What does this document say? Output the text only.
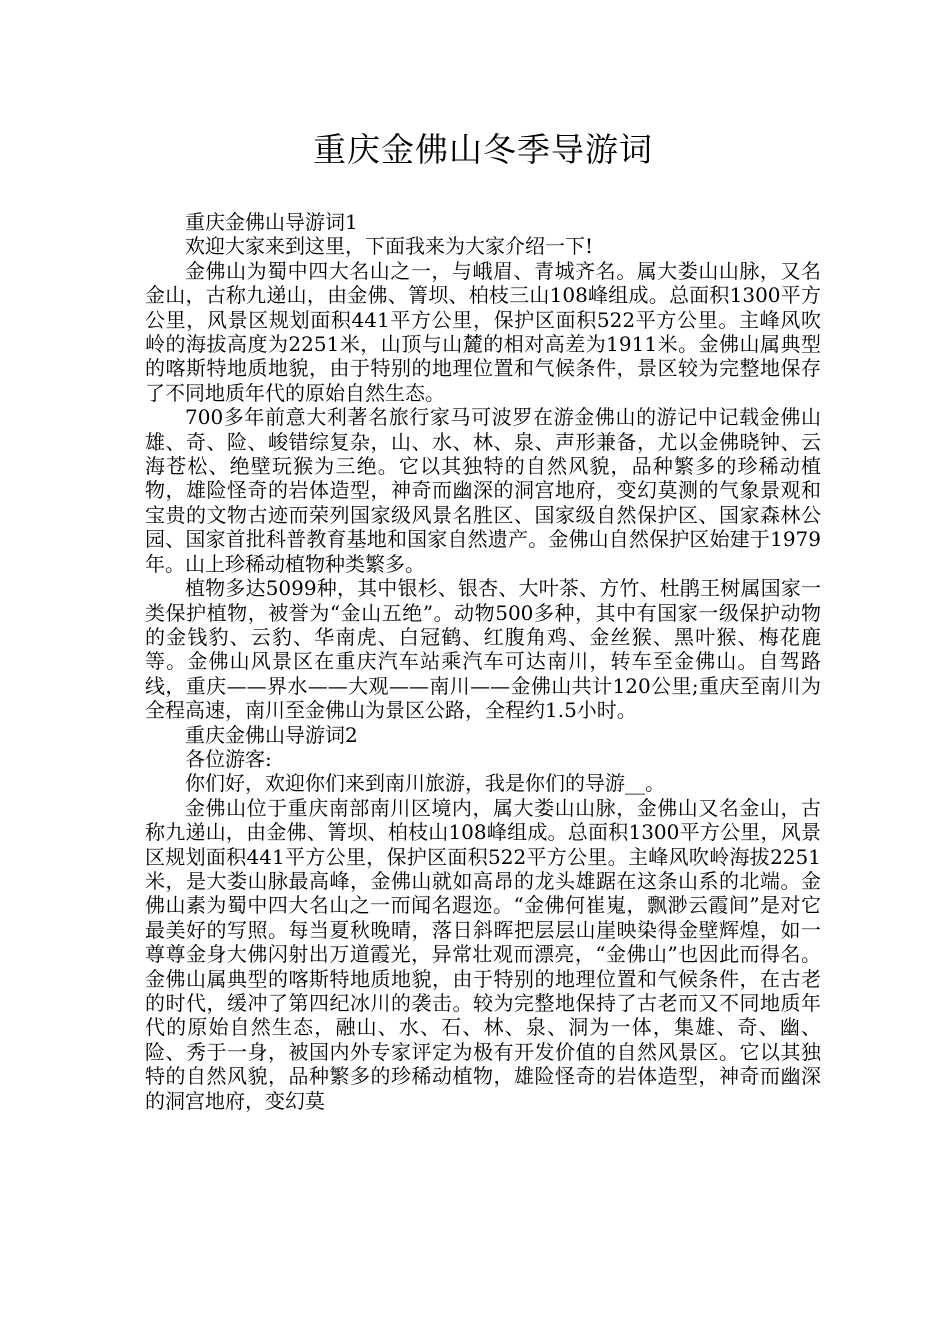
重庆金佛山冬季导游词

重庆金佛山导游词1

欢迎大家来到这里，下面我来为大家介绍一下!

金佛山为蜀中四大名山之一，与峨眉、青城齐名。属大娄山山脉，又名金山，古称九递山，由金佛、箐坝、柏枝三山108峰组成。总面积1300平方公里，风景区规划面积441平方公里，保护区面积522平方公里。主峰风吹岭的海拔高度为2251米，山顶与山麓的相对高差为1911米。金佛山属典型的喀斯特地质地貌，由于特别的地理位置和气候条件，景区较为完整地保存了不同地质年代的原始自然生态。

700多年前意大利著名旅行家马可波罗在游金佛山的游记中记载金佛山雄、奇、险、峻错综复杂，山、水、林、泉、声形兼备，尤以金佛晓钟、云海苍松、绝壁玩猴为三绝。它以其独特的自然风貌，品种繁多的珍稀动植物，雄险怪奇的岩体造型，神奇而幽深的洞宫地府，变幻莫测的气象景观和宝贵的文物古迹而荣列国家级风景名胜区、国家级自然保护区、国家森林公园、国家首批科普教育基地和国家自然遗产。金佛山自然保护区始建于1979年。山上珍稀动植物种类繁多。

植物多达5099种，其中银杉、银杏、大叶茶、方竹、杜鹃王树属国家一类保护植物，被誉为“金山五绝”。动物500多种，其中有国家一级保护动物的金钱豹、云豹、华南虎、白冠鹤、红腹角鸡、金丝猴、黑叶猴、梅花鹿等。金佛山风景区在重庆汽车站乘汽车可达南川，转车至金佛山。自驾路线，重庆——界水——大观——南川——金佛山共计120公里;重庆至南川为全程高速，南川至金佛山为景区公路，全程约1.5小时。

重庆金佛山导游词2

各位游客:

你们好，欢迎你们来到南川旅游，我是你们的导游__。

金佛山位于重庆南部南川区境内，属大娄山山脉，金佛山又名金山，古称九递山，由金佛、箐坝、柏枝山108峰组成。总面积1300平方公里，风景区规划面积441平方公里，保护区面积522平方公里。主峰风吹岭海拔2251米，是大娄山脉最高峰，金佛山就如高昂的龙头雄踞在这条山系的北端。金佛山素为蜀中四大名山之一而闻名遐迩。“金佛何崔嵬，飘渺云霞间”是对它最美好的写照。每当夏秋晚晴，落日斜晖把层层山崖映染得金壁辉煌，如一尊尊金身大佛闪射出万道霞光，异常壮观而漂亮，“金佛山”也因此而得名。金佛山属典型的喀斯特地质地貌，由于特别的地理位置和气候条件，在古老的时代，缓冲了第四纪冰川的袭击。较为完整地保持了古老而又不同地质年代的原始自然生态，融山、水、石、林、泉、洞为一体，集雄、奇、幽、险、秀于一身，被国内外专家评定为极有开发价值的自然风景区。它以其独特的自然风貌，品种繁多的珍稀动植物，雄险怪奇的岩体造型，神奇而幽深的洞宫地府，变幻莫
